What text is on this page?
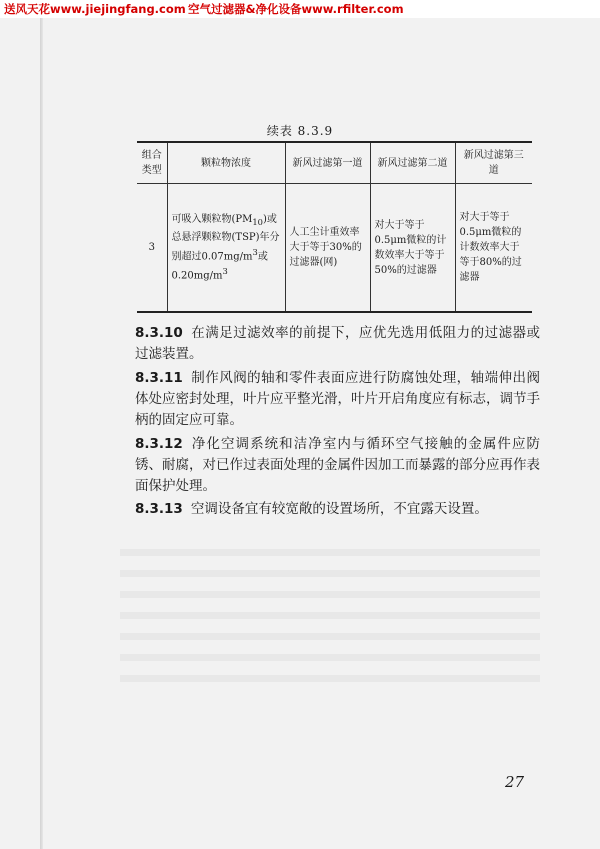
送风天花www.jiejingfang.com 空气过滤器&净化设备www.rfilter.com
续表 8.3.9
组合类型	颗粒物浓度	新风过滤第一道	新风过滤第二道	新风过滤第三道
3	可吸入颗粒物$(PM_{10})$或总悬浮颗粒物(TSP)年分别超过$0.07mg/m^3$或$0.20mg/m^3$	人工尘计重效率大于等于30%的过滤器(网)	对大于等于0.5μm微粒的计数效率大于等于50%的过滤器	对大于等于0.5μm微粒的计数效率大于等于80%的过滤器
8.3.10 在满足过滤效率的前提下，应优先选用低阻力的过滤器或过滤装置。
8.3.11 制作风阀的轴和零件表面应进行防腐蚀处理，轴端伸出阀体处应密封处理，叶片应平整光滑，叶片开启角度应有标志，调节手柄的固定应可靠。
8.3.12 净化空调系统和洁净室内与循环空气接触的金属件应防锈、耐腐，对已作过表面处理的金属件因加工而暴露的部分应再作表面保护处理。
8.3.13 空调设备宜有较宽敞的设置场所，不宜露天设置。
27
